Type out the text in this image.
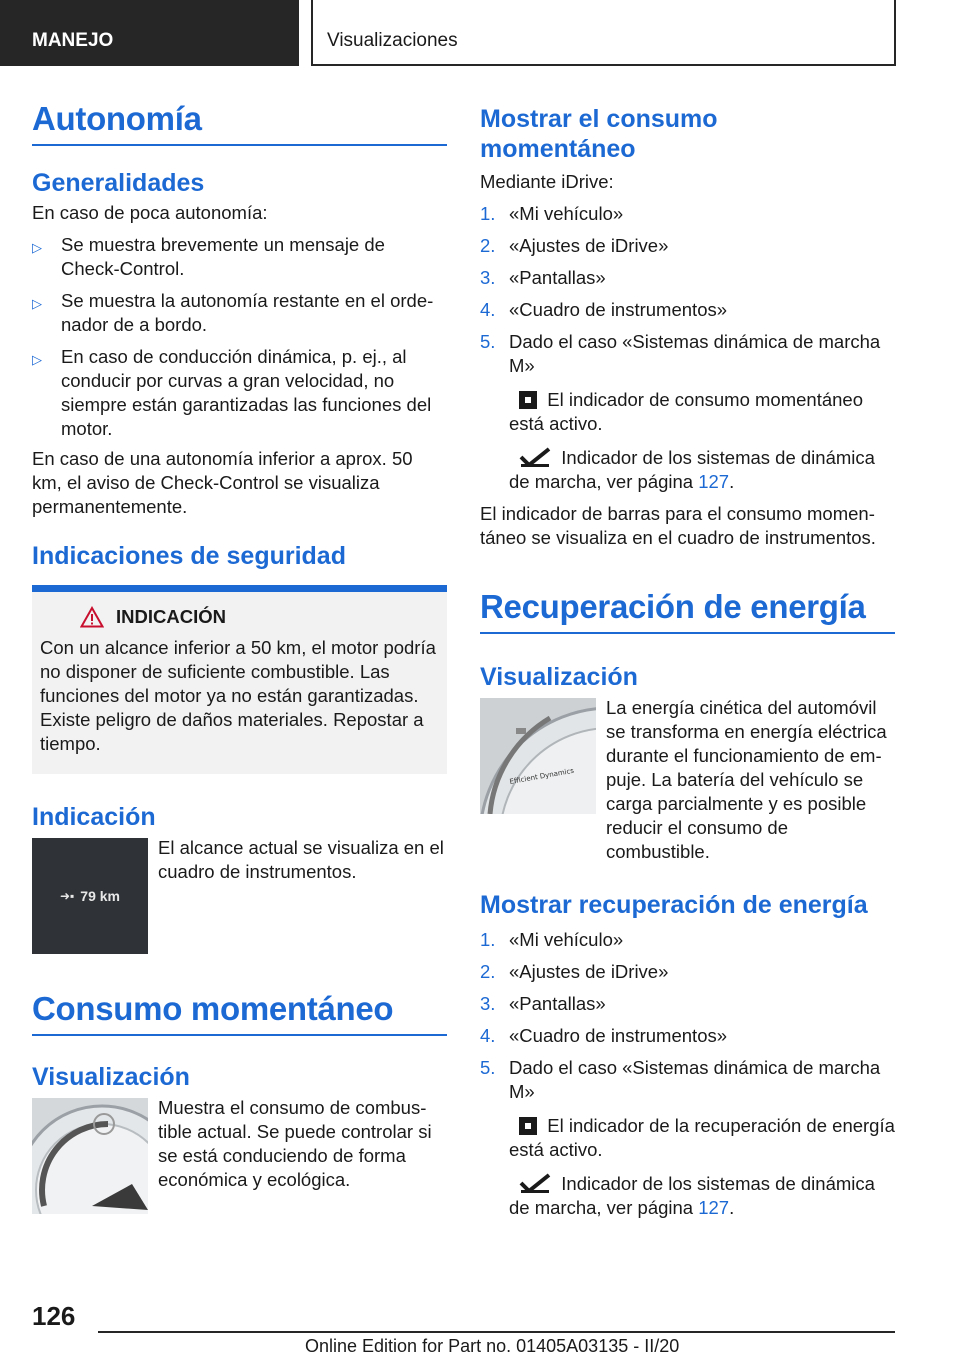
MANEJO	Visualizaciones
Autonomía
Generalidades

En caso de poca autonomía:

▷ Se muestra brevemente un mensaje de Check-Control.
▷ Se muestra la autonomía restante en el ordenador de a bordo.
▷ En caso de conducción dinámica, p. ej., al conducir por curvas a gran velocidad, no siempre están garantizadas las funciones del motor.

En caso de una autonomía inferior a aprox. 50 km, el aviso de Check-Control se visualiza permanentemente.

Indicaciones de seguridad
INDICACIÓN

Con un alcance inferior a 50 km, el motor podría no disponer de suficiente combustible. Las funciones del motor ya no están garantizadas. Existe peligro de daños materiales. Repostar a tiempo.

Indicación
➜▪ 79 km

El alcance actual se visualiza en el cuadro de instrumentos.

Consumo momentáneo
Visualización

Muestra el consumo de combustible actual. Se puede controlar si se está conduciendo de forma económica y ecológica.

Mostrar el consumo momentáneo

Mediante iDrive:

1. «Mi vehículo»
2. «Ajustes de iDrive»
3. «Pantallas»
4. «Cuadro de instrumentos»
5. Dado el caso «Sistemas dinámica de marcha M»
El indicador de consumo momentáneo está activo.
Indicador de los sistemas de dinámica de marcha, ver página 127.

El indicador de barras para el consumo momentáneo se visualiza en el cuadro de instrumentos.

Recuperación de energía
Visualización
Efficient Dynamics

La energía cinética del automóvil se transforma en energía eléctrica durante el funcionamiento de empuje. La batería del vehículo se carga parcialmente y es posible reducir el consumo de combustible.

Mostrar recuperación de energía
1. «Mi vehículo»
2. «Ajustes de iDrive»
3. «Pantallas»
4. «Cuadro de instrumentos»
5. Dado el caso «Sistemas dinámica de marcha M»
El indicador de la recuperación de energía está activo.
Indicador de los sistemas de dinámica de marcha, ver página 127.
126
Online Edition for Part no. 01405A03135 - II/20
